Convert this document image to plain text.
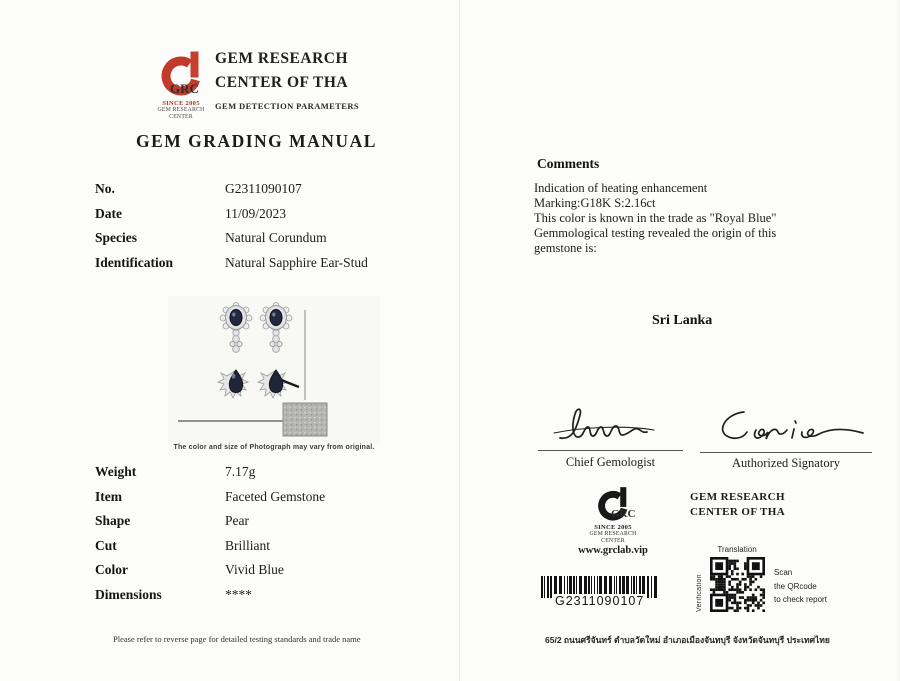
GRC
SINCE 2005
GEM RESEARCH CENTER
GEM RESEARCH
CENTER OF THA
GEM DETECTION PARAMETERS
GEM GRADING MANUAL
No.	G2311090107
Date	11/09/2023
Species	Natural Corundum
Identification	Natural Sapphire Ear-Stud
The color and size of Photograph may vary from original.
Weight	7.17g
Item	Faceted Gemstone
Shape	Pear
Cut	Brilliant
Color	Vivid Blue
Dimensions	****
Please refer to reverse page for detailed testing standards and trade name
Comments
Indication of heating enhancement
Marking:G18K S:2.16ct
This color is known in the trade as "Royal Blue"
Gemmological testing revealed the origin of this
gemstone is:
Sri Lanka
Chief Gemologist	Authorized Signatory
GRC
SINCE 2005
GEM RESEARCH CENTER
www.grclab.vip
GEM RESEARCH
CENTER OF THA
Translation
Verification
Scan
the QRcode
to check report
G2311090107
65/2 ถนนศรีจันทร์ ตำบลวัดใหม่ อำเภอเมืองจันทบุรี จังหวัดจันทบุรี ประเทศไทย
